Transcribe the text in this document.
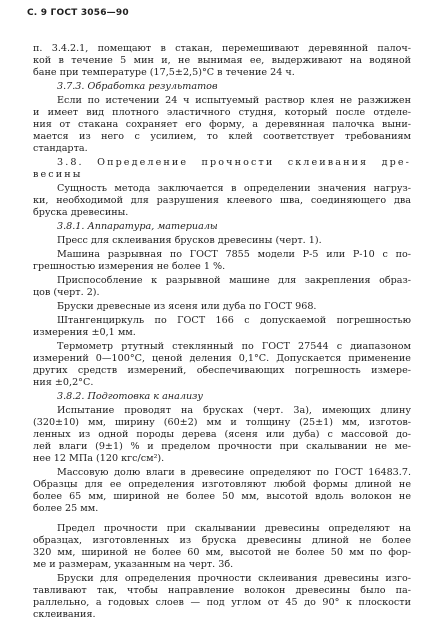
С. 9 ГОСТ 3056—90
п. 3.4.2.1, помещают в стакан, перемешивают деревянной палоч-
кой в течение 5 мин и, не вынимая ее, выдерживают на водяной
бане при температуре (17,5±2,5)°С в течение 24 ч.
3.7.3. Обработка результатов
Если по истечении 24 ч испытуемый раствор клея не разжижен
и имеет вид плотного эластичного студня, который после отделе-
ния от стакана сохраняет его форму, а деревянная палочка выни-
мается из него с усилием, то клей соответствует требованиям
стандарта.
3.8. Определение прочности склеивания дре-
весины
Сущность метода заключается в определении значения нагруз-
ки, необходимой для разрушения клеевого шва, соединяющего два
бруска древесины.
3.8.1. Аппаратура, материалы
Пресс для склеивания брусков древесины (черт. 1).
Машина разрывная по ГОСТ 7855 модели Р-5 или Р-10 с по-
грешностью измерения не более 1 %.
Приспособление к разрывной машине для закрепления образ-
цов (черт. 2).
Бруски древесные из ясеня или дуба по ГОСТ 968.
Штангенциркуль по ГОСТ 166 с допускаемой погрешностью
измерения ±0,1 мм.
Термометр ртутный стеклянный по ГОСТ 27544 с диапазоном
измерений 0—100°С, ценой деления 0,1°С. Допускается применение
других средств измерений, обеспечивающих погрешность измере-
ния ±0,2°С.
3.8.2. Подготовка к анализу
Испытание проводят на брусках (черт. 3а), имеющих длину
(320±10) мм, ширину (60±2) мм и толщину (25±1) мм, изготов-
ленных из одной породы дерева (ясеня или дуба) с массовой до-
лей влаги (9±1) % и пределом прочности при скалывании не ме-
нее 12 МПа (120 кгс/см²).
Массовую долю влаги в древесине определяют по ГОСТ 16483.7.
Образцы для ее определения изготовляют любой формы длиной не
более 65 мм, шириной не более 50 мм, высотой вдоль волокон не
более 25 мм.
Предел прочности при скалывании древесины определяют на
образцах, изготовленных из бруска древесины длиной не более
320 мм, шириной не более 60 мм, высотой не более 50 мм по фор-
ме и размерам, указанным на черт. 3б.
Бруски для определения прочности склеивания древесины изго-
тавливают так, чтобы направление волокон древесины было па-
раллельно, а годовых слоев — под углом от 45 до 90° к плоскости
склеивания.
